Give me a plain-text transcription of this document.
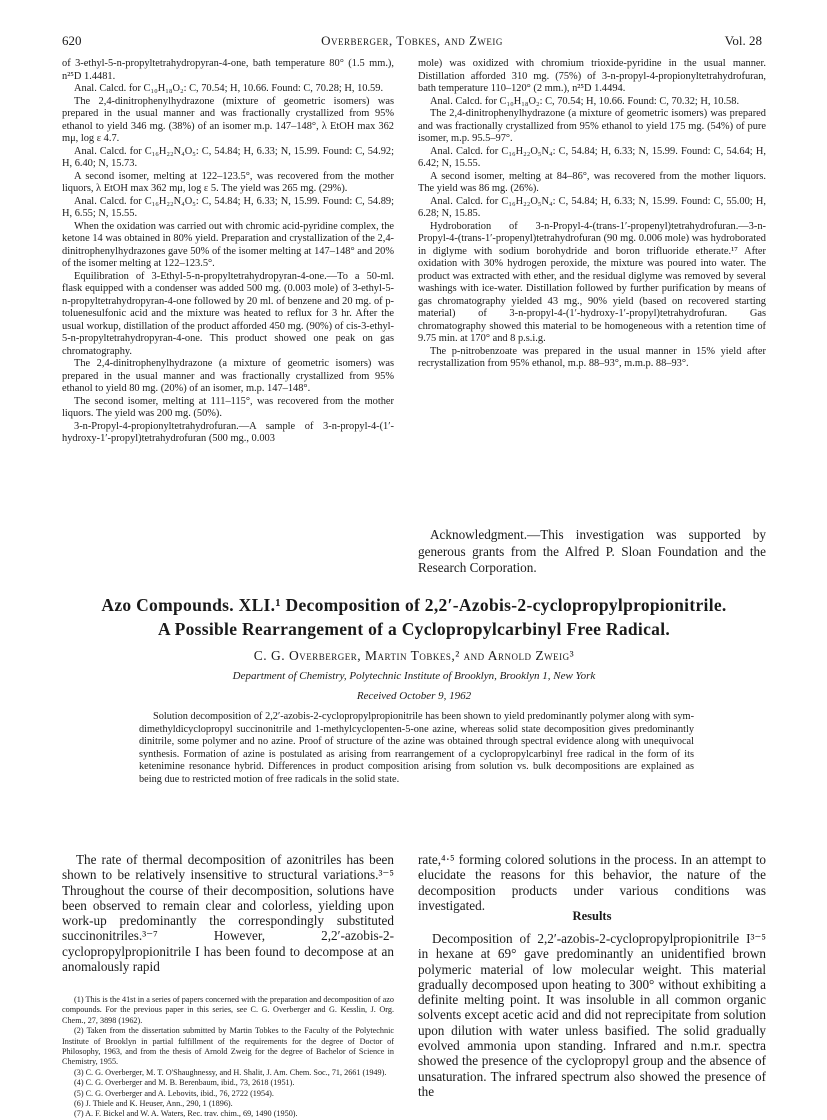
620	Overberger, Tobkes, and Zweig	Vol. 28

of 3-ethyl-5-n-propyltetrahydropyran-4-one, bath temperature 80° (1.5 mm.), n²⁵D 1.4481.

Anal. Calcd. for C₁₀H₁₈O₂: C, 70.54; H, 10.66. Found: C, 70.28; H, 10.59.

The 2,4-dinitrophenylhydrazone (mixture of geometric isomers) was prepared in the usual manner and was fractionally crystallized from 95% ethanol to yield 346 mg. (38%) of an isomer m.p. 147–148°, λ EtOH max 362 mμ, log ε 4.7.

Anal. Calcd. for C₁₆H₂₂N₄O₅: C, 54.84; H, 6.33; N, 15.99. Found: C, 54.92; H, 6.40; N, 15.73.

A second isomer, melting at 122–123.5°, was recovered from the mother liquors, λ EtOH max 362 mμ, log ε 5. The yield was 265 mg. (29%).

Anal. Calcd. for C₁₆H₂₂N₄O₅: C, 54.84; H, 6.33; N, 15.99. Found: C, 54.89; H, 6.55; N, 15.55.

When the oxidation was carried out with chromic acid-pyridine complex, the ketone 14 was obtained in 80% yield. Preparation and crystallization of the 2,4-dinitrophenylhydrazones gave 50% of the isomer melting at 147–148° and 20% of the isomer melting at 122–123.5°.

Equilibration of 3-Ethyl-5-n-propyltetrahydropyran-4-one.—To a 50-ml. flask equipped with a condenser was added 500 mg. (0.003 mole) of 3-ethyl-5-n-propyltetrahydropyran-4-one followed by 20 ml. of benzene and 20 mg. of p-toluenesulfonic acid and the mixture was heated to reflux for 3 hr. After the usual workup, distillation of the product afforded 450 mg. (90%) of cis-3-ethyl-5-n-propyltetrahydropyran-4-one. This product showed one peak on gas chromatography.

The 2,4-dinitrophenylhydrazone (a mixture of geometric isomers) was prepared in the usual manner and was fractionally crystallized from 95% ethanol to yield 80 mg. (20%) of an isomer, m.p. 147–148°.

The second isomer, melting at 111–115°, was recovered from the mother liquors. The yield was 200 mg. (50%).

3-n-Propyl-4-propionyltetrahydrofuran.—A sample of 3-n-propyl-4-(1′-hydroxy-1′-propyl)tetrahydrofuran (500 mg., 0.003

mole) was oxidized with chromium trioxide-pyridine in the usual manner. Distillation afforded 310 mg. (75%) of 3-n-propyl-4-propionyltetrahydrofuran, bath temperature 110–120° (2 mm.), n²⁵D 1.4494.

Anal. Calcd. for C₁₀H₁₈O₂: C, 70.54; H, 10.66. Found: C, 70.32; H, 10.58.

The 2,4-dinitrophenylhydrazone (a mixture of geometric isomers) was prepared and was fractionally crystallized from 95% ethanol to yield 175 mg. (54%) of pure isomer, m.p. 95.5–97°.

Anal. Calcd. for C₁₆H₂₂O₅N₄: C, 54.84; H, 6.33; N, 15.99. Found: C, 54.64; H, 6.42; N, 15.55.

A second isomer, melting at 84–86°, was recovered from the mother liquors. The yield was 86 mg. (26%).

Anal. Calcd. for C₁₆H₂₂O₅N₄: C, 54.84; H, 6.33; N, 15.99. Found: C, 55.00; H, 6.28; N, 15.85.

Hydroboration of 3-n-Propyl-4-(trans-1′-propenyl)tetrahydrofuran.—3-n-Propyl-4-(trans-1′-propenyl)tetrahydrofuran (90 mg. 0.006 mole) was hydroborated in diglyme with sodium borohydride and boron trifluoride etherate.¹⁷ After oxidation with 30% hydrogen peroxide, the mixture was poured into water. The product was extracted with ether, and the residual diglyme was removed by several washings with ice-water. Distillation followed by further purification by means of gas chromatography yielded 43 mg., 90% yield (based on recovered starting material) of 3-n-propyl-4-(1′-hydroxy-1′-propyl)tetrahydrofuran. Gas chromatography showed this material to be homogeneous with a retention time of 9.75 min. at 170° and 8 p.s.i.g.

The p-nitrobenzoate was prepared in the usual manner in 15% yield after recrystallization from 95% ethanol, m.p. 88–93°, m.m.p. 88–93°.

Acknowledgment.—This investigation was supported by generous grants from the Alfred P. Sloan Foundation and the Research Corporation.

Azo Compounds. XLI.¹ Decomposition of 2,2′-Azobis-2-cyclopropylpropionitrile.
A Possible Rearrangement of a Cyclopropylcarbinyl Free Radical.
C. G. Overberger, Martin Tobkes,² and Arnold Zweig³
Department of Chemistry, Polytechnic Institute of Brooklyn, Brooklyn 1, New York
Received October 9, 1962

Solution decomposition of 2,2′-azobis-2-cyclopropylpropionitrile has been shown to yield predominantly polymer along with sym-dimethyldicyclopropyl succinonitrile and 1-methylcyclopenten-5-one azine, whereas solid state decomposition gives predominantly dinitrile, some polymer and no azine. Proof of structure of the azine was obtained through spectral evidence along with unequivocal synthesis. Formation of azine is postulated as arising from rearrangement of a cyclopropylcarbinyl free radical in the form of its ketenimine resonance hybrid. Differences in product composition arising from solution vs. bulk decompositions are explained as being due to restricted motion of free radicals in the solid state.

The rate of thermal decomposition of azonitriles has been shown to be relatively insensitive to structural variations.³⁻⁵ Throughout the course of their decomposition, solutions have been observed to remain clear and colorless, yielding upon work-up predominantly the correspondingly substituted succinonitriles.³⁻⁷ However, 2,2′-azobis-2-cyclopropylpropionitrile I has been found to decompose at an anomalously rapid

(1) This is the 41st in a series of papers concerned with the preparation and decomposition of azo compounds. For the previous paper in this series, see C. G. Overberger and G. Kesslin, J. Org. Chem., 27, 3898 (1962).
(2) Taken from the dissertation submitted by Martin Tobkes to the Faculty of the Polytechnic Institute of Brooklyn in partial fulfillment of the requirements for the degree of Doctor of Philosophy, 1963, and from the thesis of Arnold Zweig for the degree of Bachelor of Science in Chemistry, 1955.
(3) C. G. Overberger, M. T. O'Shaughnessy, and H. Shalit, J. Am. Chem. Soc., 71, 2661 (1949).
(4) C. G. Overberger and M. B. Berenbaum, ibid., 73, 2618 (1951).
(5) C. G. Overberger and A. Lebovits, ibid., 76, 2722 (1954).
(6) J. Thiele and K. Heuser, Ann., 290, 1 (1896).
(7) A. F. Bickel and W. A. Waters, Rec. trav. chim., 69, 1490 (1950).
rate,⁴·⁵ forming colored solutions in the process. In an attempt to elucidate the reasons for this behavior, the nature of the decomposition products under various conditions was investigated.
Results

Decomposition of 2,2′-azobis-2-cyclopropylpropionitrile I³⁻⁵ in hexane at 69° gave predominantly an unidentified brown polymeric material of low molecular weight. This material gradually decomposed upon heating to 300° without exhibiting a definite melting point. It was insoluble in all common organic solvents except acetic acid and did not reprecipitate from solution upon dilution with water unless basified. The solid gradually evolved ammonia upon standing. Infrared and n.m.r. spectra showed the presence of the cyclopropyl group and the absence of unsaturation. The infrared spectrum also showed the presence of the
